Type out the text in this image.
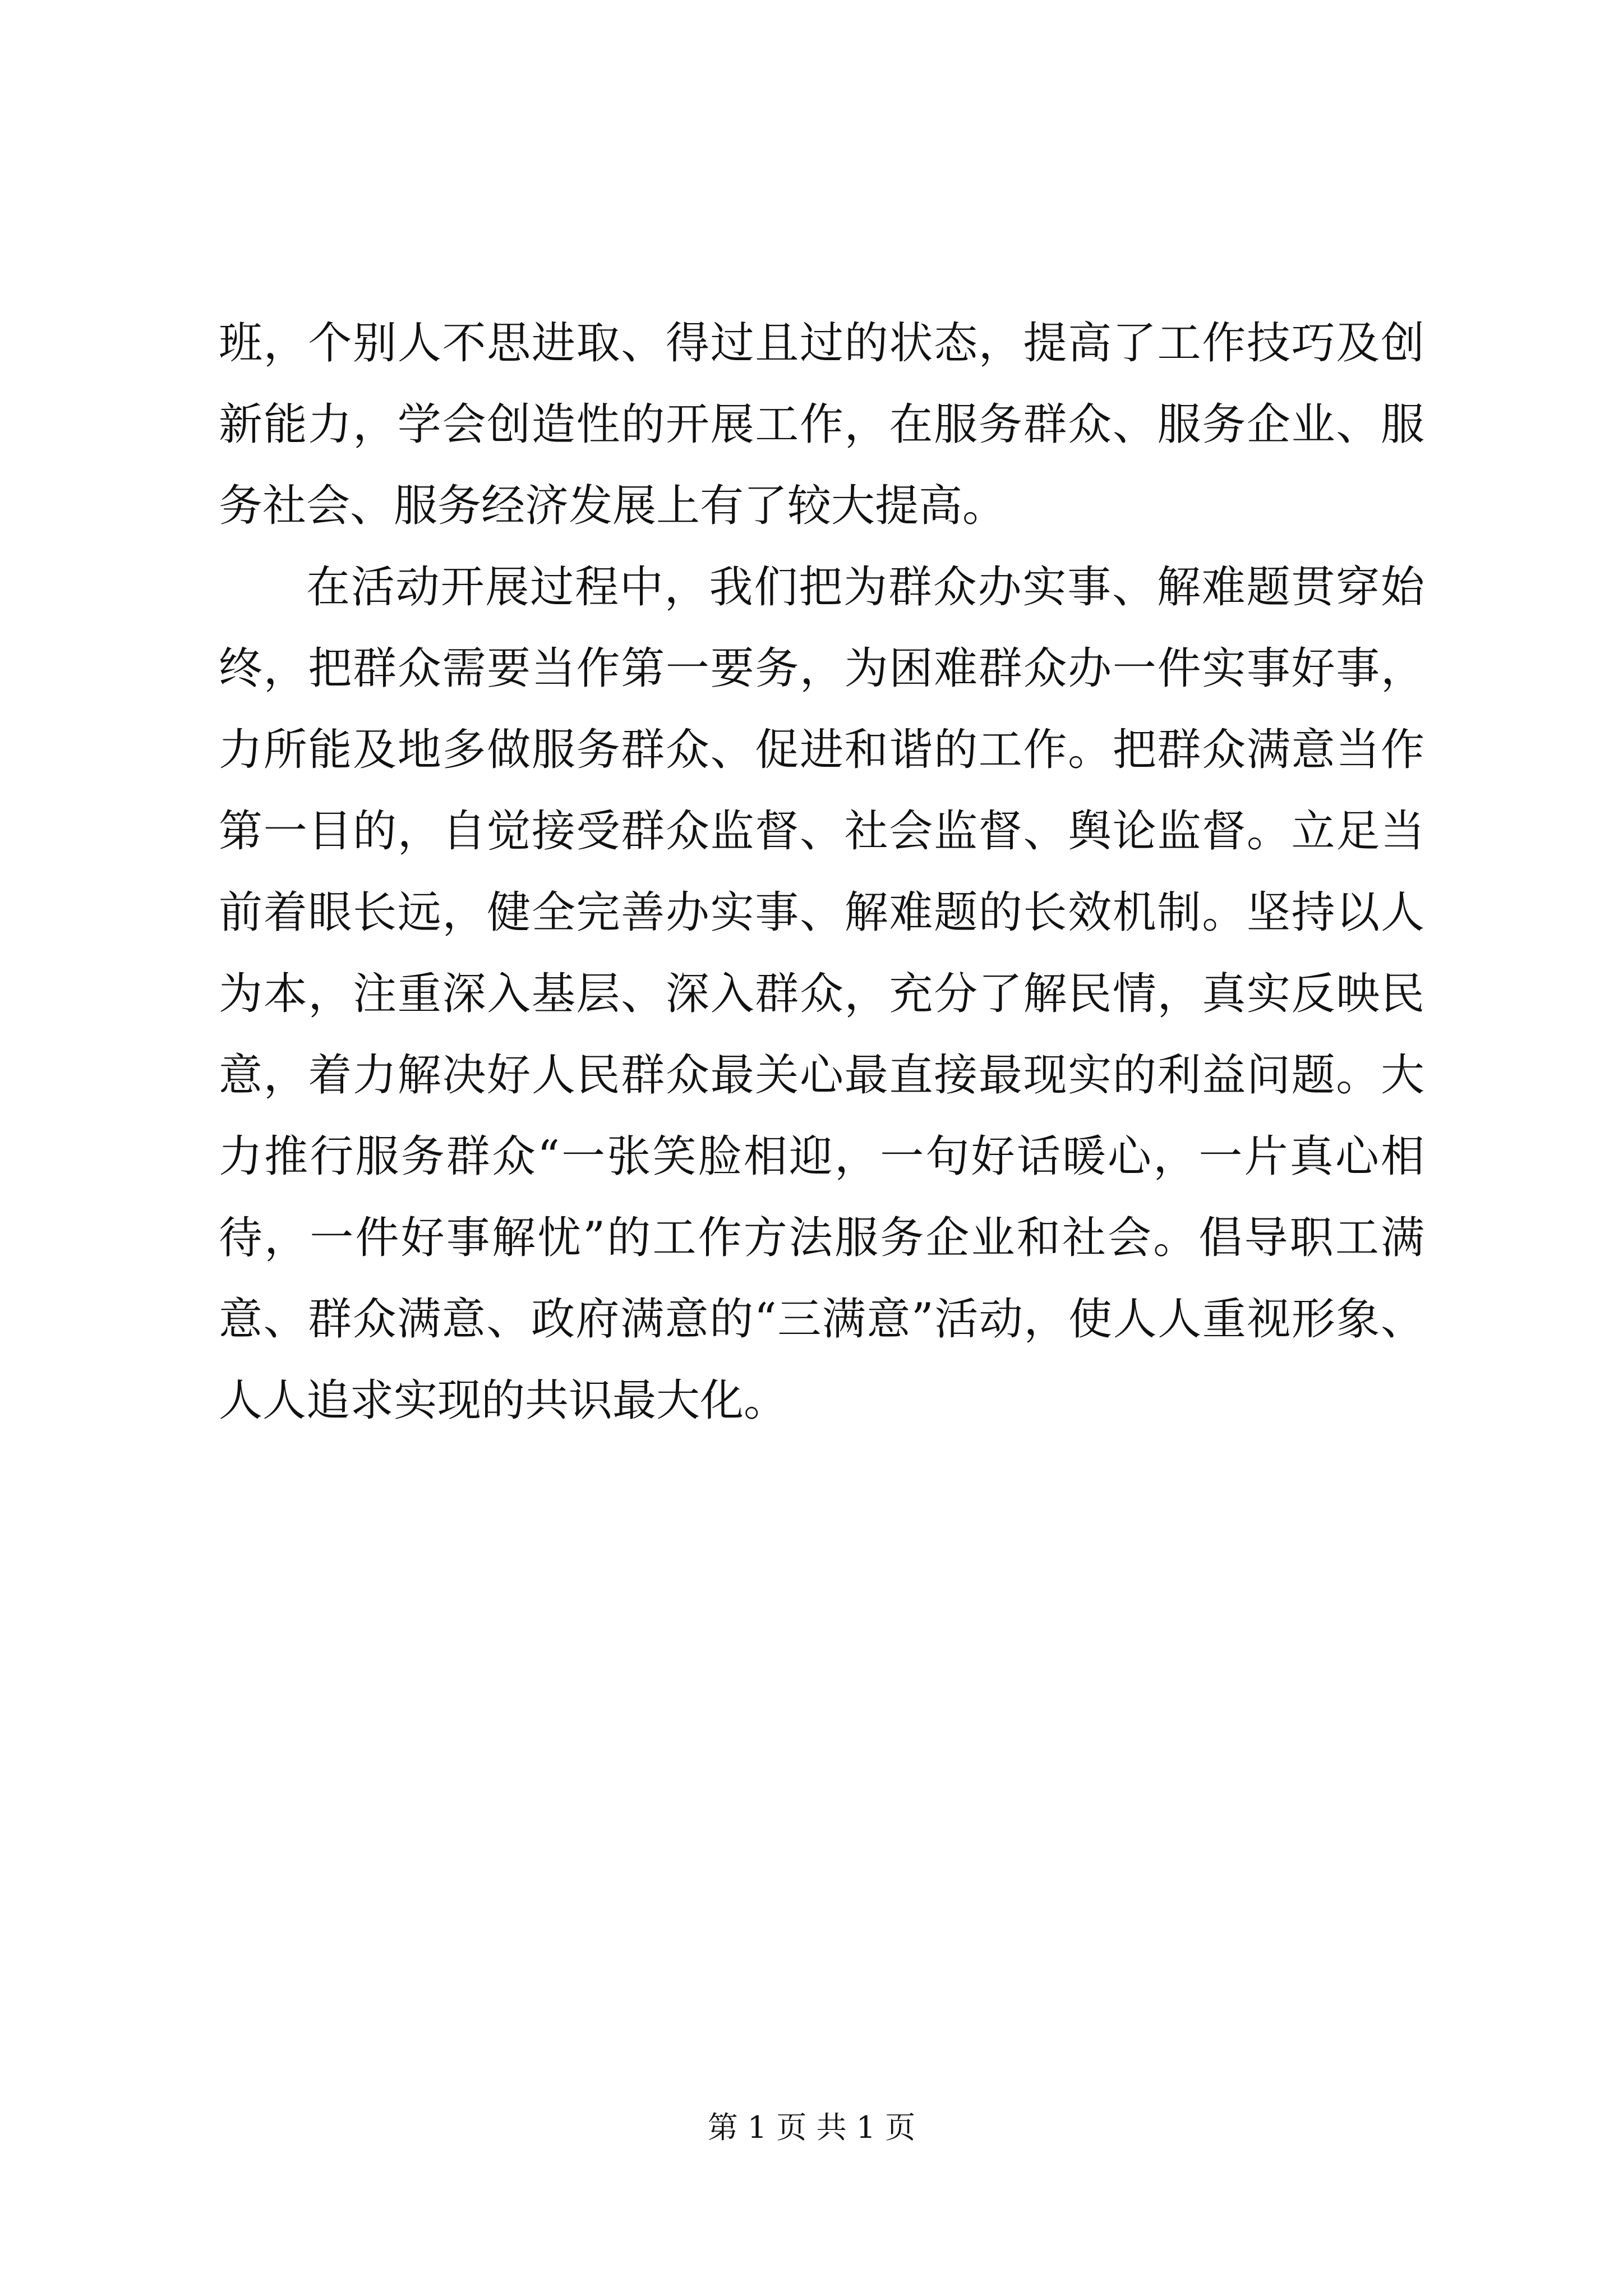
班，个别人不思进取、得过且过的状态，提高了工作技巧及创新能力，学会创造性的开展工作，在服务群众、服务企业、服务社会、服务经济发展上有了较大提高。

在活动开展过程中，我们把为群众办实事、解难题贯穿始终，把群众需要当作第一要务，为困难群众办一件实事好事，力所能及地多做服务群众、促进和谐的工作。把群众满意当作第一目的，自觉接受群众监督、社会监督、舆论监督。立足当前着眼长远，健全完善办实事、解难题的长效机制。坚持以人为本，注重深入基层、深入群众，充分了解民情，真实反映民意，着力解决好人民群众最关心最直接最现实的利益问题。大力推行服务群众“一张笑脸相迎，一句好话暖心，一片真心相待，一件好事解忧”的工作方法服务企业和社会。倡导职工满意、群众满意、政府满意的“三满意”活动，使人人重视形象、人人追求实现的共识最大化。

第 1 页 共 1 页
